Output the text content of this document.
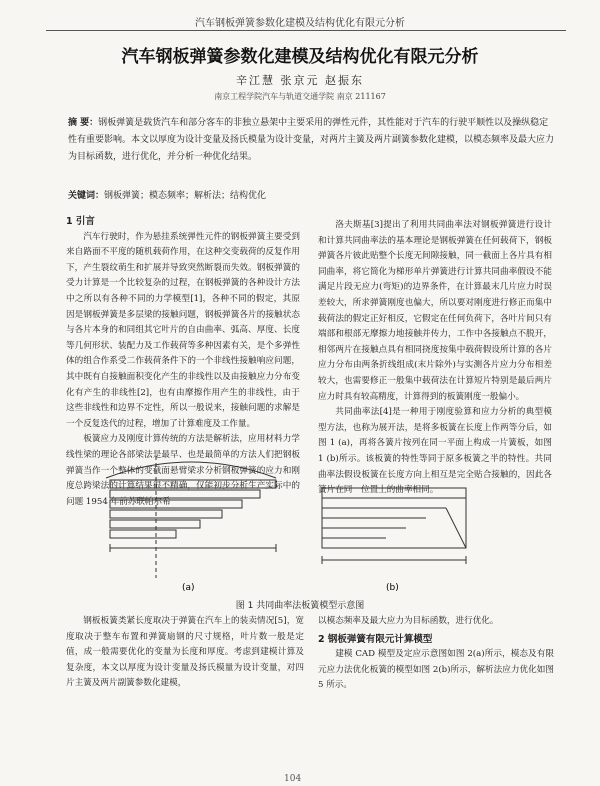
汽车钢板弹簧参数化建模及结构优化有限元分析
汽车钢板弹簧参数化建模及结构优化有限元分析
辛江慧 张京元 赵振东
南京工程学院汽车与轨道交通学院 南京 211167
摘 要：钢板弹簧是载货汽车和部分客车的非独立悬架中主要采用的弹性元件，其性能对于汽车的行驶平顺性以及操纵稳定性有重要影响。本文以厚度为设计变量及扬氏模量为设计变量，对两片主簧及两片副簧参数化建模，以模态频率及最大应力为目标函数，进行优化，并分析一种优化结果。
关键词：钢板弹簧；模态频率；解析法；结构优化

1 引言

汽车行驶时，作为悬挂系统弹性元件的钢板弹簧主要受到来自路面不平度的随机载荷作用，在这种交变载荷的反复作用下，产生裂纹萌生和扩展并导致突然断裂而失效。钢板弹簧的受力计算是一个比较复杂的过程，在钢板弹簧的各种设计方法中之所以有各种不同的力学模型[1]，各种不同的假定，其原因是钢板弹簧是多层梁的接触问题，钢板弹簧各片的接触状态与各片本身的和同组其它叶片的自由曲率、弧高、厚度、长度等几何形状、装配力及工作载荷等多种因素有关，是个多弹性体的组合作系受二作载荷条件下的一个非线性接触响应问题，其中既有自接触面积变化产生的非线性以及由接触应力分布变化有产生的非线性[2]，也有由摩擦作用产生的非线性，由于这些非线性和边界不定性，所以一般说来，接触问题的求解是一个反复迭代的过程，增加了计算难度及工作量。

板簧应力及刚度计算传统的方法是解析法，应用材料力学线性梁的理论各部梁法是最早、也是最简单的方法人们把钢板弹簧当作一个整体的变截面悬臂梁求分析钢板弹簧的应力和刚度总跨梁法的计算结果很不精确，仅能初步分析生产实际中的问题 1954 年前苏联帕尔希

洛夫斯基[3]提出了利用共同曲率法对钢板弹簧进行设计和计算共同曲率法的基本理论是钢板弹簧在任何载荷下，钢板弹簧各片彼此贴整个长度无间隙接触，同一截面上各片具有相同曲率，将它简化为梯形单片弹簧进行计算共同曲率假设不能满足片段无应力(弯矩)的边界条件，在计算最末几片应力时误差较大，所求弹簧刚度也偏大，所以要对刚度进行修正而集中载荷法的假定正好相反，它假定在任何负荷下，各叶片间只有端部和根部无摩擦力地接触并传力，工作中各接触点不脱开，相邻两片在接触点具有相同挠度按集中载荷假设所计算的各片应力分布由两条折线组成(末片除外)与实测各片应力分布相差较大，也需要修正一般集中载荷法在计算短片特别是最后两片应力时具有较高精度，计算得到的板簧刚度一般偏小。

共同曲率法[4]是一种用于刚度验算和应力分析的典型模型方法，也称为展开法，是将多板簧在长度上作两等分后，如图 1 (a)，再将各簧片按列在同一平面上构成一片簧板，如图 1 (b)所示。该板簧的特性等同于原多板簧之半的特性。共同曲率法假设板簧在长度方向上相互是完全贴合接触的，因此各簧片在同一位置上的曲率相同。

(a)	(b)
图 1 共同曲率法板簧模型示意图

钢板板簧类紧长度取决于弹簧在汽车上的装卖情况[5]，宽度取决于整车布置和弹簧扇钢的尺寸规格，叶片数一般是定值，成一般需要优化的变量为长度和厚度。考虑到建模计算及复杂度，本文以厚度为设计变量及扬氏模量为设计变量，对四片主簧及两片副簧参数化建模，

以模态频率及最大应力为目标函数，进行优化。

2 钢板弹簧有限元计算模型

建模 CAD 模型及定应示意图如图 2(a)所示，模态及有限元应力法优化板簧的模型如图 2(b)所示，解析法应力优化如图 5 所示。

104
